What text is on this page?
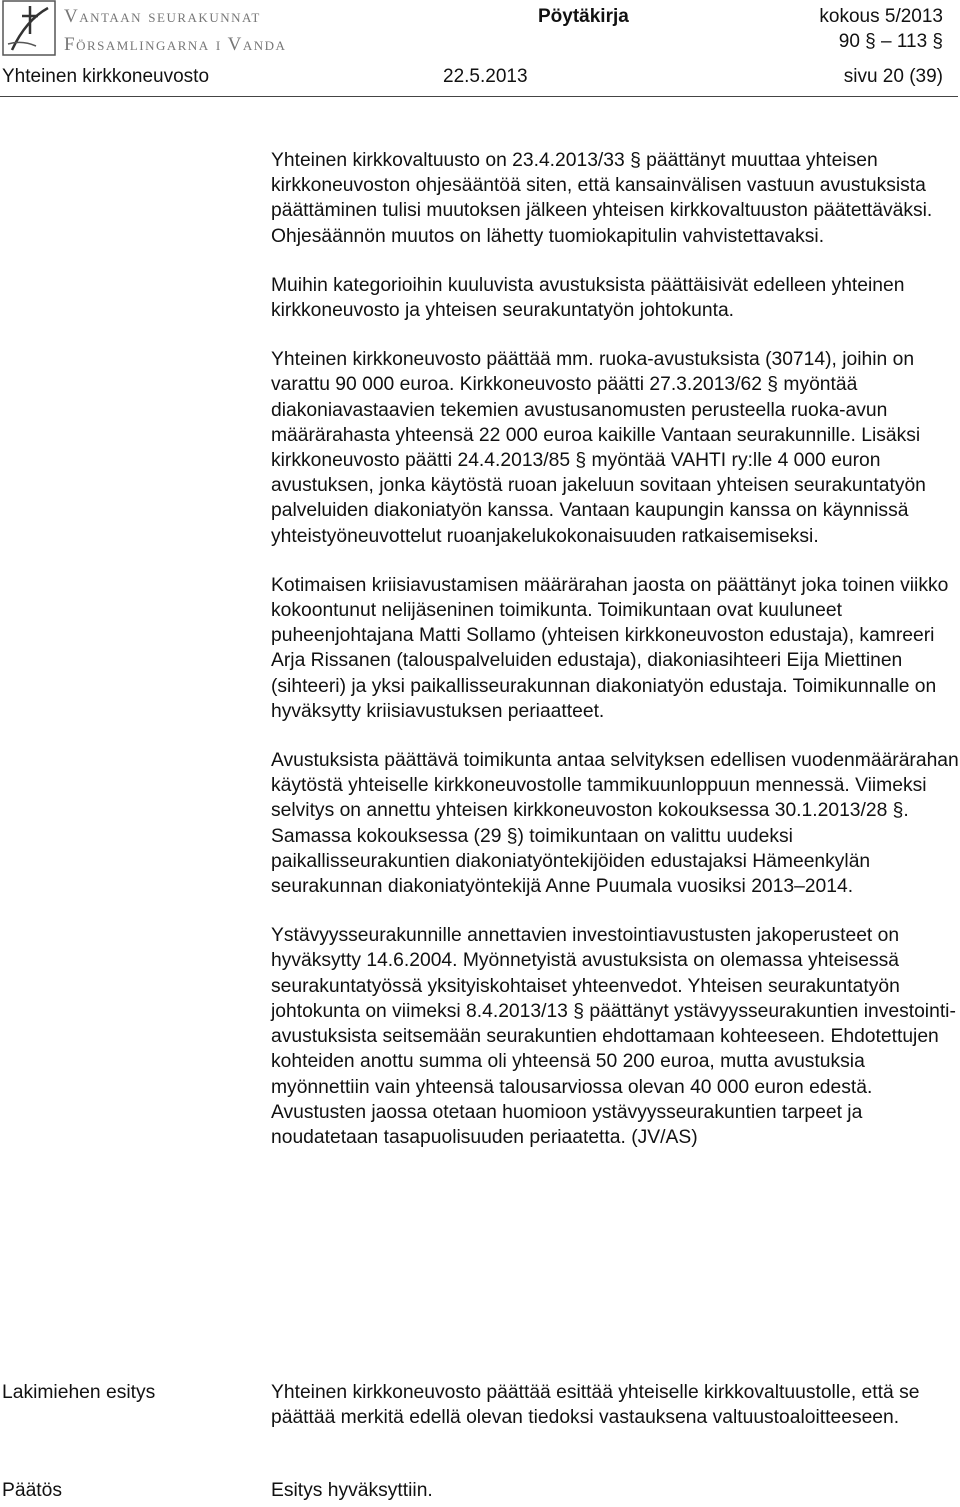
Vantaan seurakunnat
Församlingarna i Vanda
Pöytäkirja	kokous 5/2013
90 § – 113 §
Yhteinen kirkkoneuvosto	22.5.2013	sivu 20 (39)

Yhteinen kirkkovaltuusto on 23.4.2013/33 § päättänyt muuttaa yhteisen kirkkoneuvoston ohjesääntöä siten, että kansainvälisen vastuun avustuksista päättäminen tulisi muutoksen jälkeen yhteisen kirkkovaltuuston päätettäväksi. Ohjesäännön muutos on lähetty tuomiokapitulin vahvistettavaksi.

Muihin kategorioihin kuuluvista avustuksista päättäisivät edelleen yhteinen kirkkoneuvosto ja yhteisen seurakuntatyön johtokunta.

Yhteinen kirkkoneuvosto päättää mm. ruoka-avustuksista (30714), joihin on varattu 90 000 euroa. Kirkkoneuvosto päätti 27.3.2013/62 § myöntää diakoniavastaavien tekemien avustusanomusten perusteella ruoka-avun määrärahasta yhteensä 22 000 euroa kaikille Vantaan seurakunnille. Lisäksi kirkkoneuvosto päätti 24.4.2013/85 § myöntää VAHTI ry:lle 4 000 euron avustuksen, jonka käytöstä ruoan jakeluun sovitaan yhteisen seurakuntatyön palveluiden diakoniatyön kanssa. Vantaan kaupungin kanssa on käynnissä yhteistyöneuvottelut ruoanjakelukokonaisuuden ratkaisemiseksi.

Kotimaisen kriisiavustamisen määrärahan jaosta on päättänyt joka toinen viikko kokoontunut nelijäseninen toimikunta. Toimikuntaan ovat kuuluneet puheenjohtajana Matti Sollamo (yhteisen kirkkoneuvoston edustaja), kamreeri Arja Rissanen (talouspalveluiden edustaja), diakoniasihteeri Eija Miettinen (sihteeri) ja yksi paikallisseurakunnan diakoniatyön edustaja. Toimikunnalle on hyväksytty kriisiavustuksen periaatteet.

Avustuksista päättävä toimikunta antaa selvityksen edellisen vuodenmäärärahan käytöstä yhteiselle kirkkoneuvostolle tammikuunloppuun mennessä. Viimeksi selvitys on annettu yhteisen kirkkoneuvoston kokouksessa 30.1.2013/28 §. Samassa kokouksessa (29 §) toimikuntaan on valittu uudeksi paikallisseurakuntien diakoniatyöntekijöiden edustajaksi Hämeenkylän seurakunnan diakoniatyöntekijä Anne Puumala vuosiksi 2013–2014.

Ystävyysseurakunnille annettavien investointiavustusten jakoperusteet on hyväksytty 14.6.2004. Myönnetyistä avustuksista on olemassa yhteisessä seurakuntatyössä yksityiskohtaiset yhteenvedot. Yhteisen seurakuntatyön johtokunta on viimeksi 8.4.2013/13 § päättänyt ystävyysseurakuntien investointi-avustuksista seitsemään seurakuntien ehdottamaan kohteeseen. Ehdotettujen kohteiden anottu summa oli yhteensä 50 200 euroa, mutta avustuksia myönnettiin vain yhteensä talousarviossa olevan 40 000 euron edestä. Avustusten jaossa otetaan huomioon ystävyysseurakuntien tarpeet ja noudatetaan tasapuolisuuden periaatetta. (JV/AS)

Lakimiehen esitys	Yhteinen kirkkoneuvosto päättää esittää yhteiselle kirkkovaltuustolle, että se päättää merkitä edellä olevan tiedoksi vastauksena valtuustoaloitteeseen.

Päätös	Esitys hyväksyttiin.
